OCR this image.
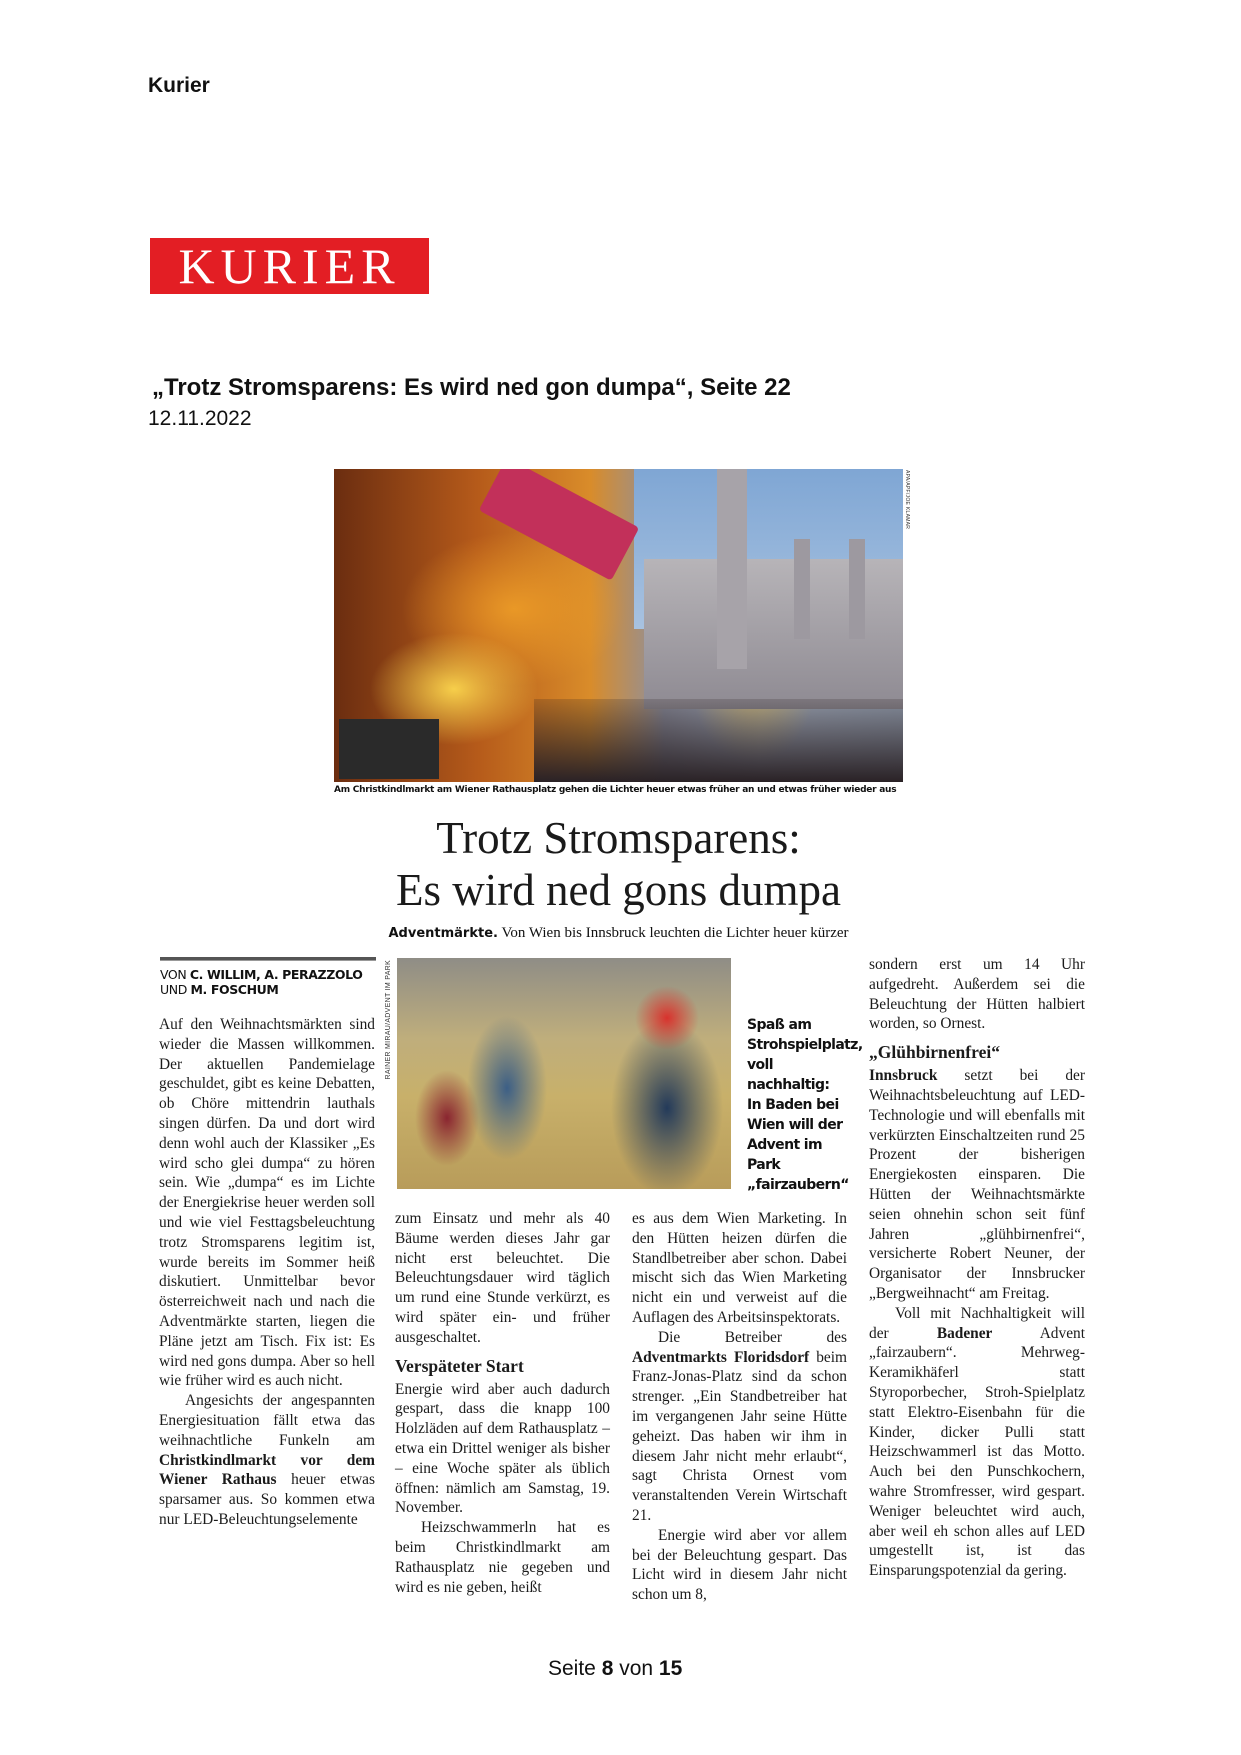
Kurier
KURIER
„Trotz Stromsparens: Es wird ned gon dumpa“, Seite 22
12.11.2022
APA/APF/JOE KLAMAR
Am Christkindlmarkt am Wiener Rathausplatz gehen die Lichter heuer etwas früher an und etwas früher wieder aus
Trotz Stromsparens:
Es wird ned gons dumpa
Adventmärkte. Von Wien bis Innsbruck leuchten die Lichter heuer kürzer
VON C. WILLIM, A. PERAZZOLO
UND M. FOSCHUM

Auf den Weihnachtsmärkten sind wieder die Massen willkommen. Der aktuellen Pandemielage geschuldet, gibt es keine Debatten, ob Chöre mittendrin lauthals singen dürfen. Da und dort wird denn wohl auch der Klassiker „Es wird scho glei dumpa“ zu hören sein. Wie „dumpa“ es im Lichte der Energiekrise heuer werden soll und wie viel Festtagsbeleuchtung trotz Stromsparens legitim ist, wurde bereits im Sommer heiß diskutiert. Unmittelbar bevor österreichweit nach und nach die Adventmärkte starten, liegen die Pläne jetzt am Tisch. Fix ist: Es wird ned gons dumpa. Aber so hell wie früher wird es auch nicht.

Angesichts der angespannten Energiesituation fällt etwa das weihnachtliche Funkeln am Christkindlmarkt vor dem Wiener Rathaus heuer etwas sparsamer aus. So kommen etwa nur LED-Beleuchtungselemente

RAINER MIRAU/ADVENT IM PARK	Spaß am Strohspielplatz, voll nachhaltig: In Baden bei Wien will der Advent im Park „fairzaubern“

zum Einsatz und mehr als 40 Bäume werden dieses Jahr gar nicht erst beleuchtet. Die Beleuchtungsdauer wird täglich um rund eine Stunde verkürzt, es wird später ein- und früher ausgeschaltet.

Verspäteter Start

Energie wird aber auch dadurch gespart, dass die knapp 100 Holzläden auf dem Rathausplatz – etwa ein Drittel weniger als bisher – eine Woche später als üblich öffnen: nämlich am Samstag, 19. November.

Heizschwammerln hat es beim Christkindlmarkt am Rathausplatz nie gegeben und wird es nie geben, heißt

es aus dem Wien Marketing. In den Hütten heizen dürfen die Standlbetreiber aber schon. Dabei mischt sich das Wien Marketing nicht ein und verweist auf die Auflagen des Arbeitsinspektorats.

Die Betreiber des Adventmarkts Floridsdorf beim Franz-Jonas-Platz sind da schon strenger. „Ein Standbetreiber hat im vergangenen Jahr seine Hütte geheizt. Das haben wir ihm in diesem Jahr nicht mehr erlaubt“, sagt Christa Ornest vom veranstaltenden Verein Wirtschaft 21.

Energie wird aber vor allem bei der Beleuchtung gespart. Das Licht wird in diesem Jahr nicht schon um 8,

sondern erst um 14 Uhr aufgedreht. Außerdem sei die Beleuchtung der Hütten halbiert worden, so Ornest.

„Glühbirnenfrei“

Innsbruck setzt bei der Weihnachtsbeleuchtung auf LED-Technologie und will ebenfalls mit verkürzten Einschaltzeiten rund 25 Prozent der bisherigen Energiekosten einsparen. Die Hütten der Weihnachtsmärkte seien ohnehin schon seit fünf Jahren „glühbirnenfrei“, versicherte Robert Neuner, der Organisator der Innsbrucker „Bergweihnacht“ am Freitag.

Voll mit Nachhaltigkeit will der Badener Advent „fairzaubern“. Mehrweg-Keramikhäferl statt Styroporbecher, Stroh-Spielplatz statt Elektro-Eisenbahn für die Kinder, dicker Pulli statt Heizschwammerl ist das Motto. Auch bei den Punschkochern, wahre Stromfresser, wird gespart. Weniger beleuchtet wird auch, aber weil eh schon alles auf LED umgestellt ist, ist das Einsparungspotenzial da gering.

Seite 8 von 15
